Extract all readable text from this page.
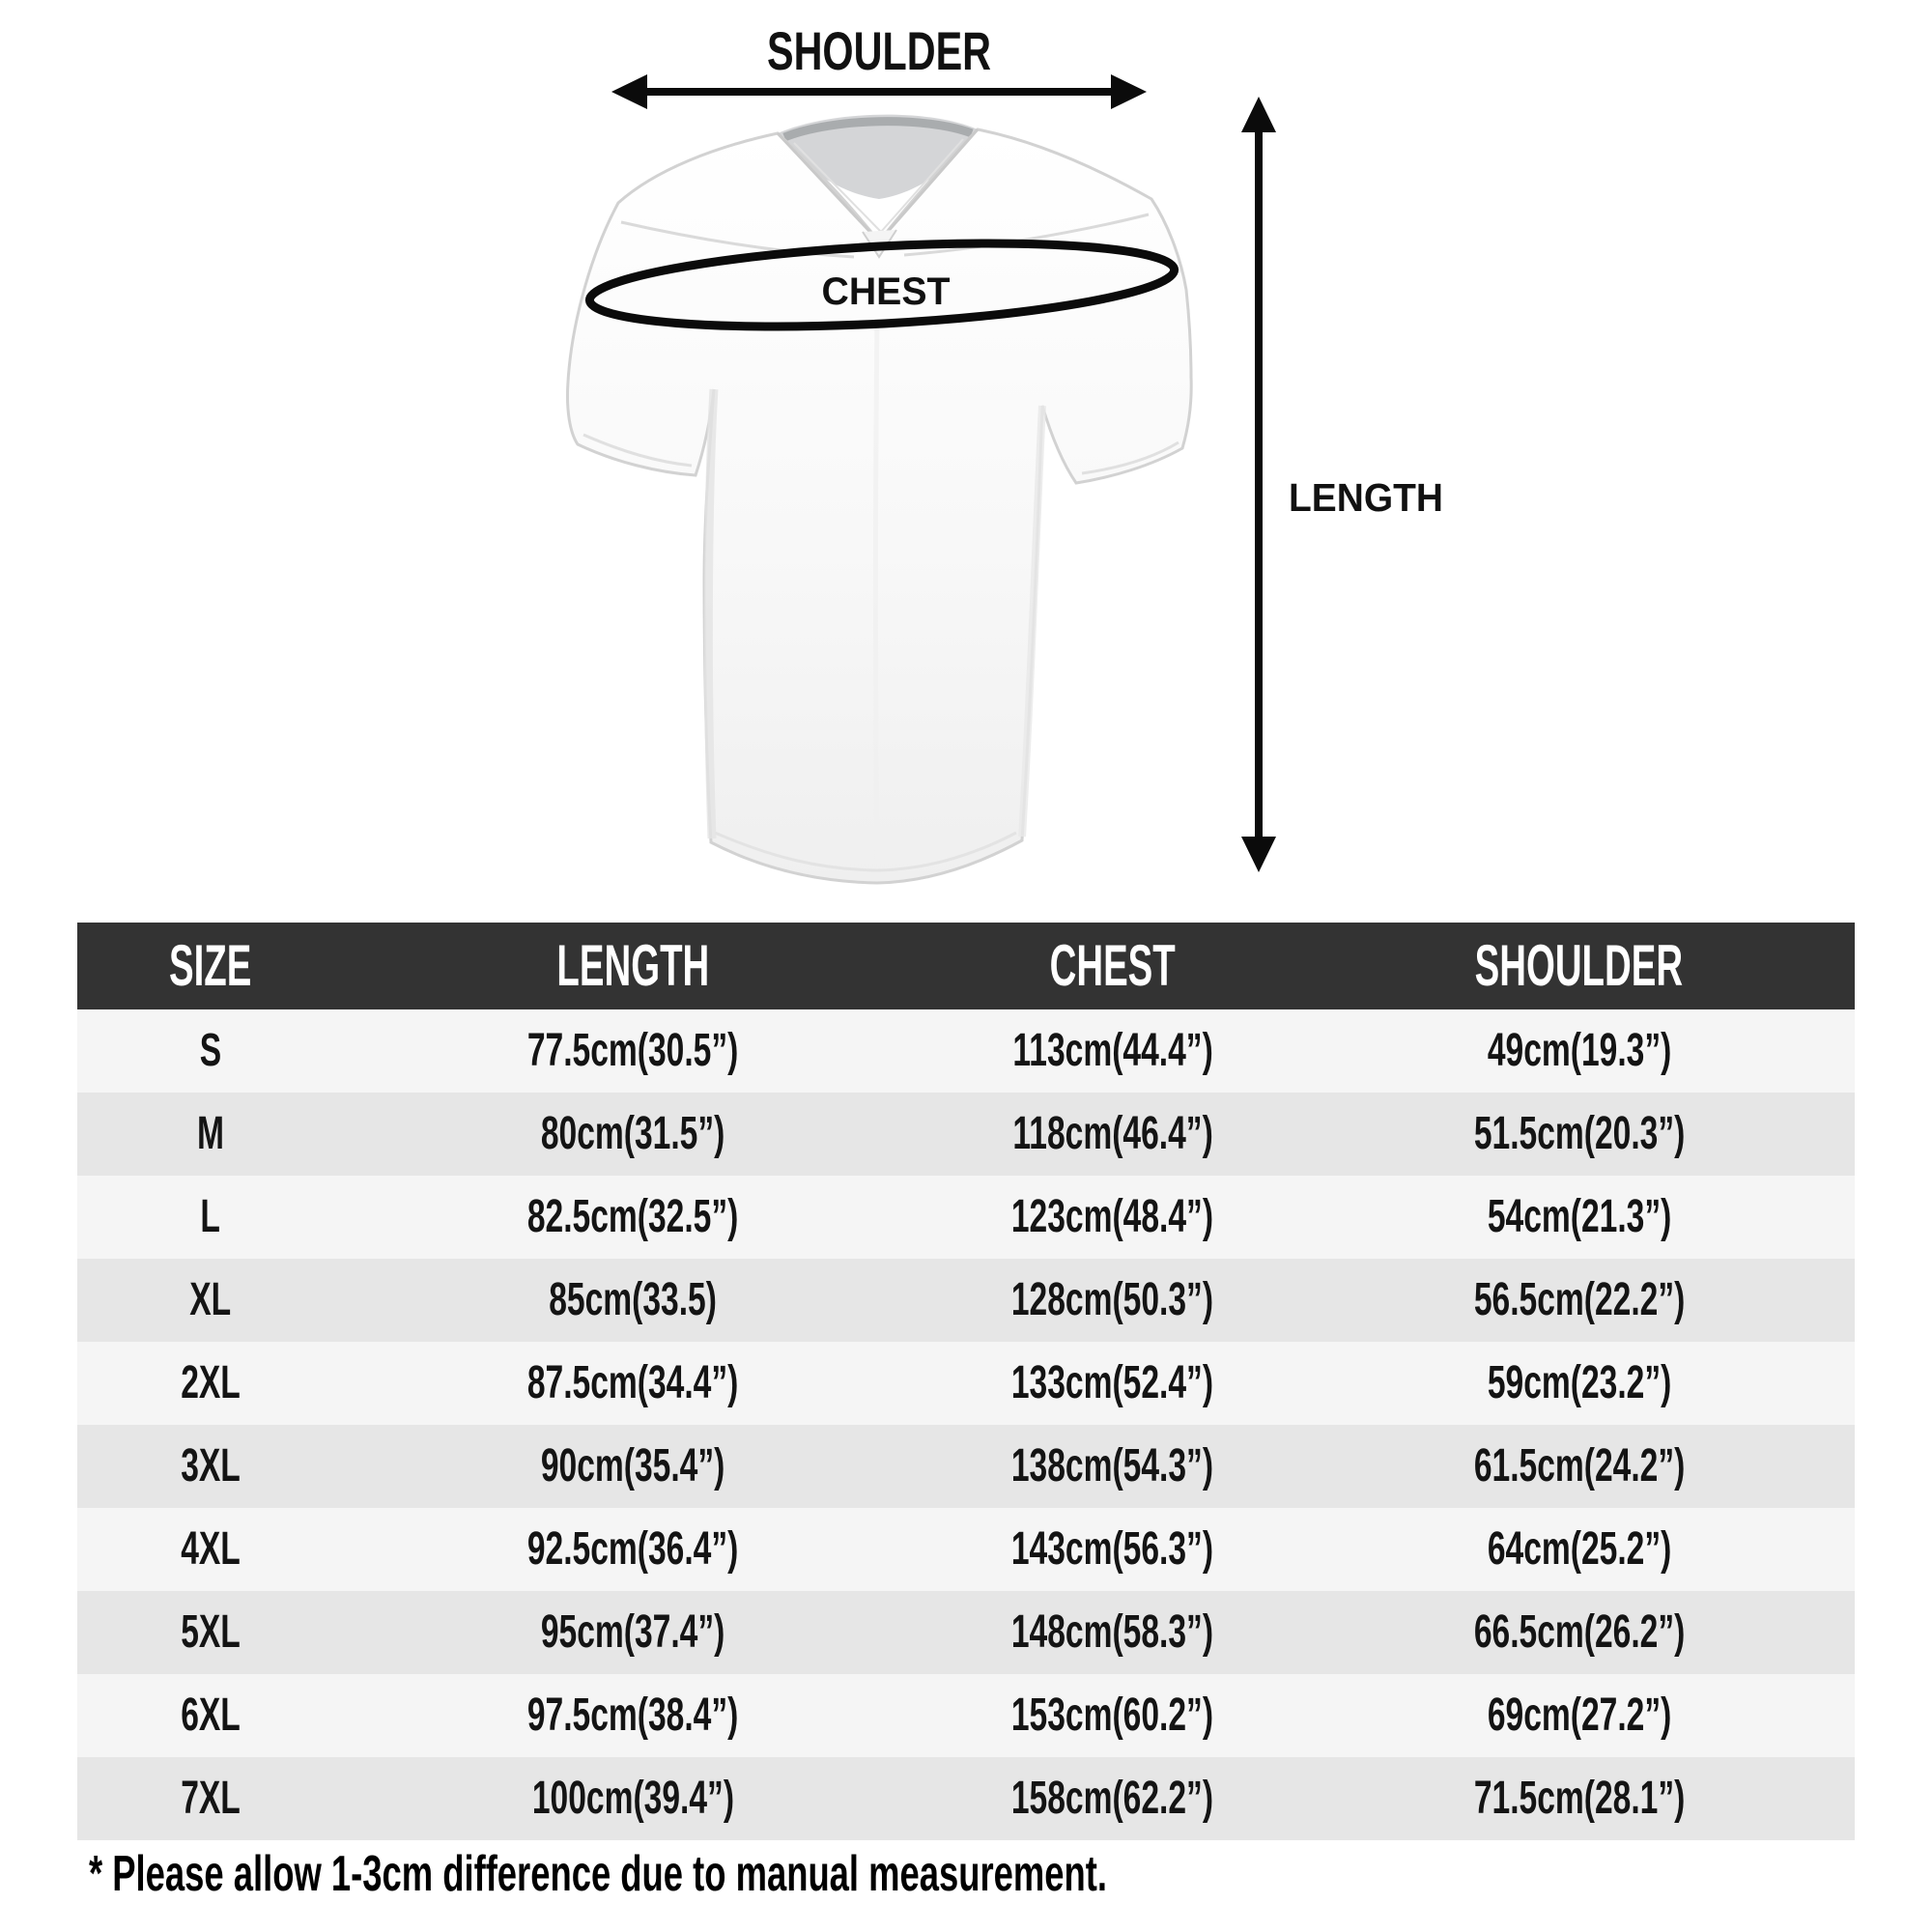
SHOULDER
CHEST
LENGTH
SIZE	LENGTH	CHEST	SHOULDER
S	77.5cm(30.5”)	113cm(44.4”)	49cm(19.3”)
M	80cm(31.5”)	118cm(46.4”)	51.5cm(20.3”)
L	82.5cm(32.5”)	123cm(48.4”)	54cm(21.3”)
XL	85cm(33.5)	128cm(50.3”)	56.5cm(22.2”)
2XL	87.5cm(34.4”)	133cm(52.4”)	59cm(23.2”)
3XL	90cm(35.4”)	138cm(54.3”)	61.5cm(24.2”)
4XL	92.5cm(36.4”)	143cm(56.3”)	64cm(25.2”)
5XL	95cm(37.4”)	148cm(58.3”)	66.5cm(26.2”)
6XL	97.5cm(38.4”)	153cm(60.2”)	69cm(27.2”)
7XL	100cm(39.4”)	158cm(62.2”)	71.5cm(28.1”)
* Please allow 1-3cm difference due to manual measurement.
